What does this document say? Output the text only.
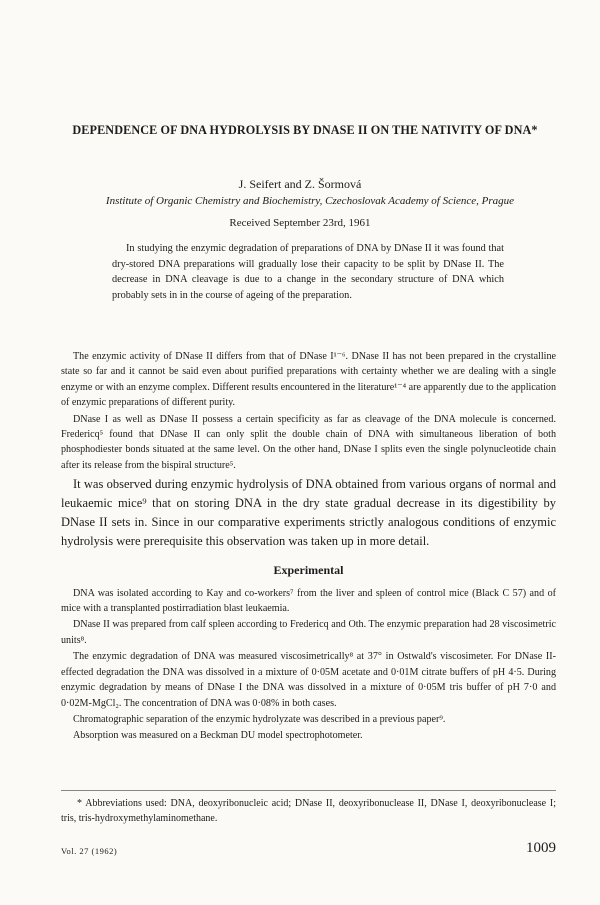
DEPENDENCE OF DNA HYDROLYSIS BY DNASE II ON THE NATIVITY OF DNA*
J. Seifert and Z. Šormová
Institute of Organic Chemistry and Biochemistry, Czechoslovak Academy of Science, Prague
Received September 23rd, 1961

In studying the enzymic degradation of preparations of DNA by DNase II it was found that dry-stored DNA preparations will gradually lose their capacity to be split by DNase II. The decrease in DNA cleavage is due to a change in the secondary structure of DNA which probably sets in in the course of ageing of the preparation.

The enzymic activity of DNase II differs from that of DNase I¹⁻⁶. DNase II has not been prepared in the crystalline state so far and it cannot be said even about purified preparations with certainty whether we are dealing with a single enzyme or with an enzyme complex. Different results encountered in the literature¹⁻⁴ are apparently due to the application of enzymic preparations of different purity.

DNase I as well as DNase II possess a certain specificity as far as cleavage of the DNA molecule is concerned. Fredericq⁵ found that DNase II can only split the double chain of DNA with simultaneous liberation of both phosphodiester bonds situated at the same level. On the other hand, DNase I splits even the single polynucleotide chain after its release from the bispiral structure⁵.

It was observed during enzymic hydrolysis of DNA obtained from various organs of normal and leukaemic mice⁹ that on storing DNA in the dry state gradual decrease in its digestibility by DNase II sets in. Since in our comparative experiments strictly analogous conditions of enzymic hydrolysis were prerequisite this observation was taken up in more detail.

Experimental

DNA was isolated according to Kay and co-workers⁷ from the liver and spleen of control mice (Black C 57) and of mice with a transplanted postirradiation blast leukaemia.

DNase II was prepared from calf spleen according to Fredericq and Oth. The enzymic preparation had 28 viscosimetric units⁸.

The enzymic degradation of DNA was measured viscosimetrically⁸ at 37° in Ostwald's viscosimeter. For DNase II-effected degradation the DNA was dissolved in a mixture of 0·05M acetate and 0·01M citrate buffers of pH 4·5. During enzymic degradation by means of DNase I the DNA was dissolved in a mixture of 0·05M tris buffer of pH 7·0 and 0·02M-MgCl₂. The concentration of DNA was 0·08% in both cases.

Chromatographic separation of the enzymic hydrolyzate was described in a previous paper⁹.

Absorption was measured on a Beckman DU model spectrophotometer.

* Abbreviations used: DNA, deoxyribonucleic acid; DNase II, deoxyribonuclease II, DNase I, deoxyribonuclease I; tris, tris-hydroxymethylaminomethane.

Vol. 27 (1962)	1009
